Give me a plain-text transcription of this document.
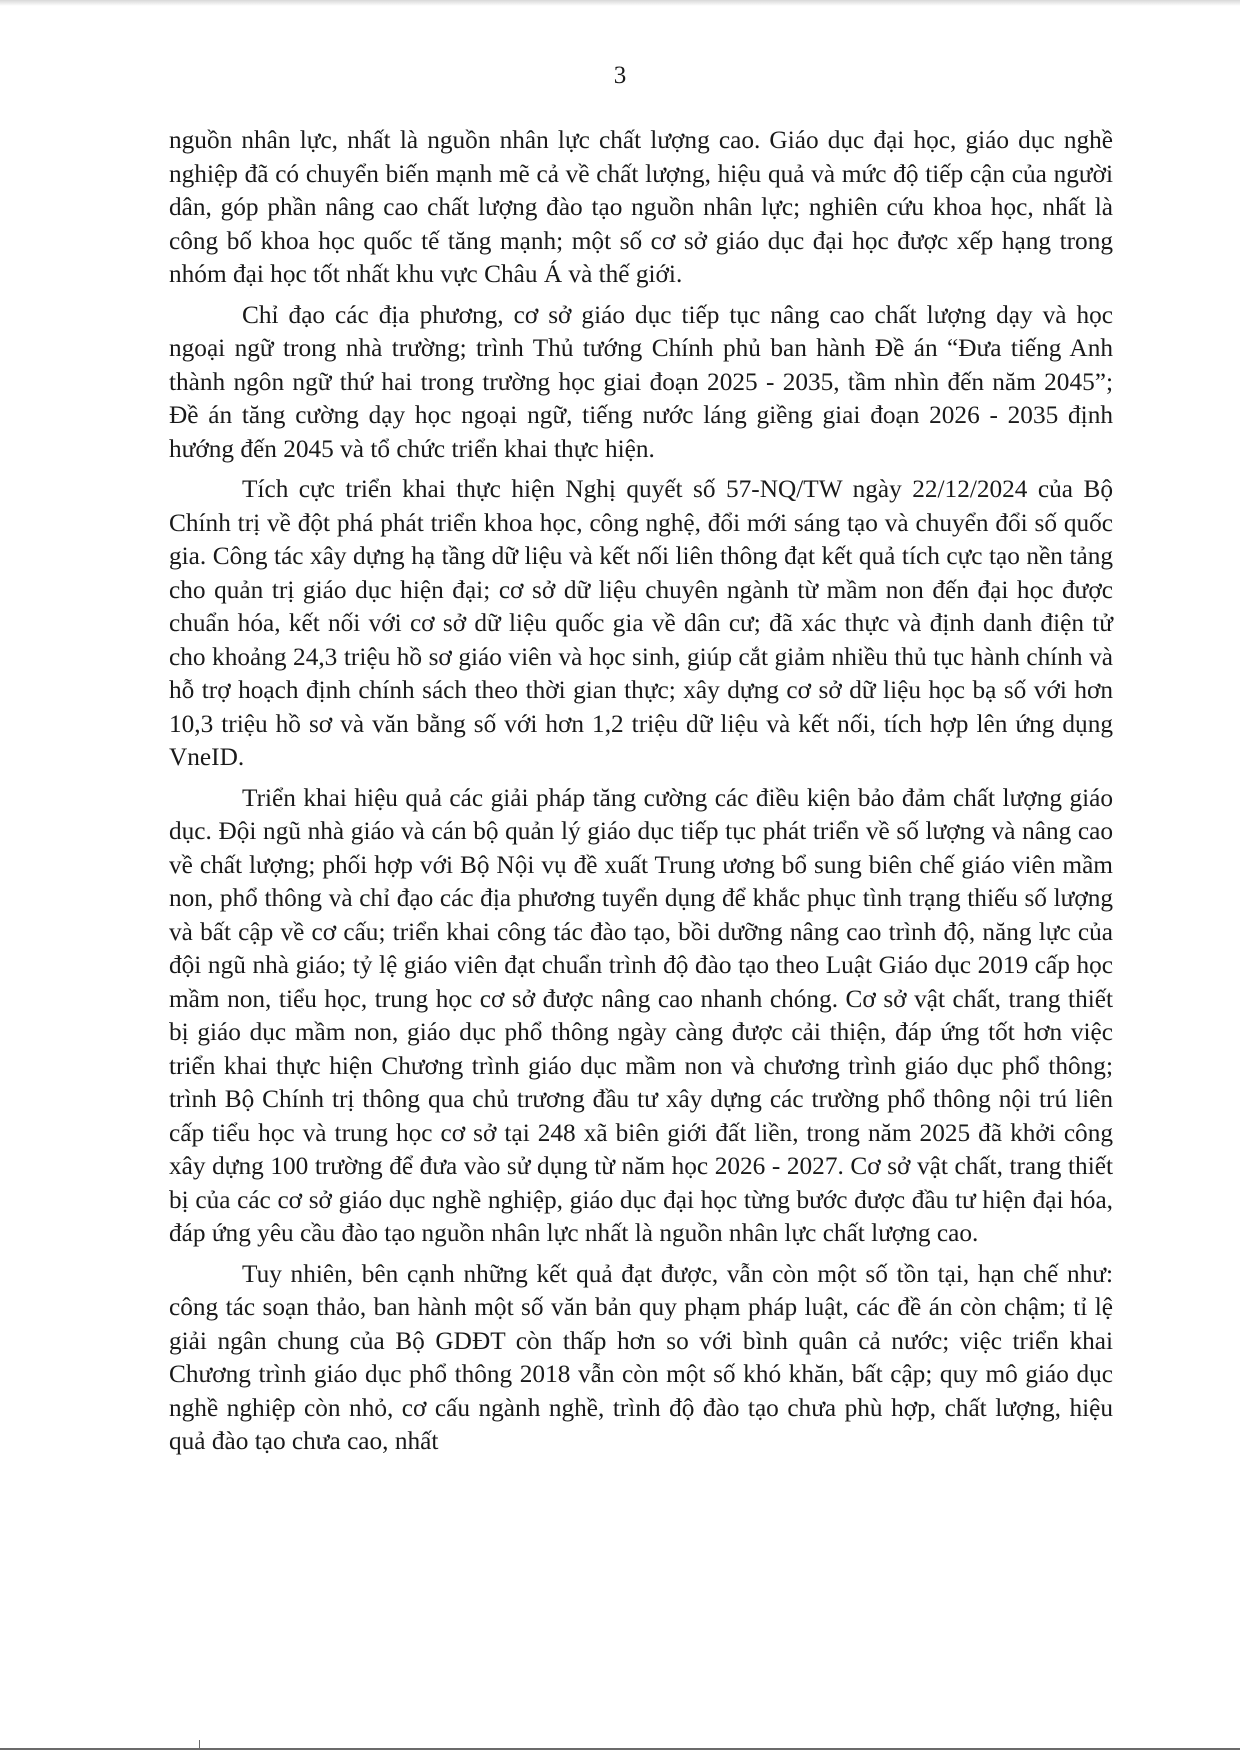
3

nguồn nhân lực, nhất là nguồn nhân lực chất lượng cao. Giáo dục đại học, giáo dục nghề nghiệp đã có chuyển biến mạnh mẽ cả về chất lượng, hiệu quả và mức độ tiếp cận của người dân, góp phần nâng cao chất lượng đào tạo nguồn nhân lực; nghiên cứu khoa học, nhất là công bố khoa học quốc tế tăng mạnh; một số cơ sở giáo dục đại học được xếp hạng trong nhóm đại học tốt nhất khu vực Châu Á và thế giới.

Chỉ đạo các địa phương, cơ sở giáo dục tiếp tục nâng cao chất lượng dạy và học ngoại ngữ trong nhà trường; trình Thủ tướng Chính phủ ban hành Đề án “Đưa tiếng Anh thành ngôn ngữ thứ hai trong trường học giai đoạn 2025 - 2035, tầm nhìn đến năm 2045”; Đề án tăng cường dạy học ngoại ngữ, tiếng nước láng giềng giai đoạn 2026 - 2035 định hướng đến 2045 và tổ chức triển khai thực hiện.

Tích cực triển khai thực hiện Nghị quyết số 57-NQ/TW ngày 22/12/2024 của Bộ Chính trị về đột phá phát triển khoa học, công nghệ, đổi mới sáng tạo và chuyển đổi số quốc gia. Công tác xây dựng hạ tầng dữ liệu và kết nối liên thông đạt kết quả tích cực tạo nền tảng cho quản trị giáo dục hiện đại; cơ sở dữ liệu chuyên ngành từ mầm non đến đại học được chuẩn hóa, kết nối với cơ sở dữ liệu quốc gia về dân cư; đã xác thực và định danh điện tử cho khoảng 24,3 triệu hồ sơ giáo viên và học sinh, giúp cắt giảm nhiều thủ tục hành chính và hỗ trợ hoạch định chính sách theo thời gian thực; xây dựng cơ sở dữ liệu học bạ số với hơn 10,3 triệu hồ sơ và văn bằng số với hơn 1,2 triệu dữ liệu và kết nối, tích hợp lên ứng dụng VneID.

Triển khai hiệu quả các giải pháp tăng cường các điều kiện bảo đảm chất lượng giáo dục. Đội ngũ nhà giáo và cán bộ quản lý giáo dục tiếp tục phát triển về số lượng và nâng cao về chất lượng; phối hợp với Bộ Nội vụ đề xuất Trung ương bổ sung biên chế giáo viên mầm non, phổ thông và chỉ đạo các địa phương tuyển dụng để khắc phục tình trạng thiếu số lượng và bất cập về cơ cấu; triển khai công tác đào tạo, bồi dưỡng nâng cao trình độ, năng lực của đội ngũ nhà giáo; tỷ lệ giáo viên đạt chuẩn trình độ đào tạo theo Luật Giáo dục 2019 cấp học mầm non, tiểu học, trung học cơ sở được nâng cao nhanh chóng. Cơ sở vật chất, trang thiết bị giáo dục mầm non, giáo dục phổ thông ngày càng được cải thiện, đáp ứng tốt hơn việc triển khai thực hiện Chương trình giáo dục mầm non và chương trình giáo dục phổ thông; trình Bộ Chính trị thông qua chủ trương đầu tư xây dựng các trường phổ thông nội trú liên cấp tiểu học và trung học cơ sở tại 248 xã biên giới đất liền, trong năm 2025 đã khởi công xây dựng 100 trường để đưa vào sử dụng từ năm học 2026 - 2027. Cơ sở vật chất, trang thiết bị của các cơ sở giáo dục nghề nghiệp, giáo dục đại học từng bước được đầu tư hiện đại hóa, đáp ứng yêu cầu đào tạo nguồn nhân lực nhất là nguồn nhân lực chất lượng cao.

Tuy nhiên, bên cạnh những kết quả đạt được, vẫn còn một số tồn tại, hạn chế như: công tác soạn thảo, ban hành một số văn bản quy phạm pháp luật, các đề án còn chậm; tỉ lệ giải ngân chung của Bộ GDĐT còn thấp hơn so với bình quân cả nước; việc triển khai Chương trình giáo dục phổ thông 2018 vẫn còn một số khó khăn, bất cập; quy mô giáo dục nghề nghiệp còn nhỏ, cơ cấu ngành nghề, trình độ đào tạo chưa phù hợp, chất lượng, hiệu quả đào tạo chưa cao, nhất
